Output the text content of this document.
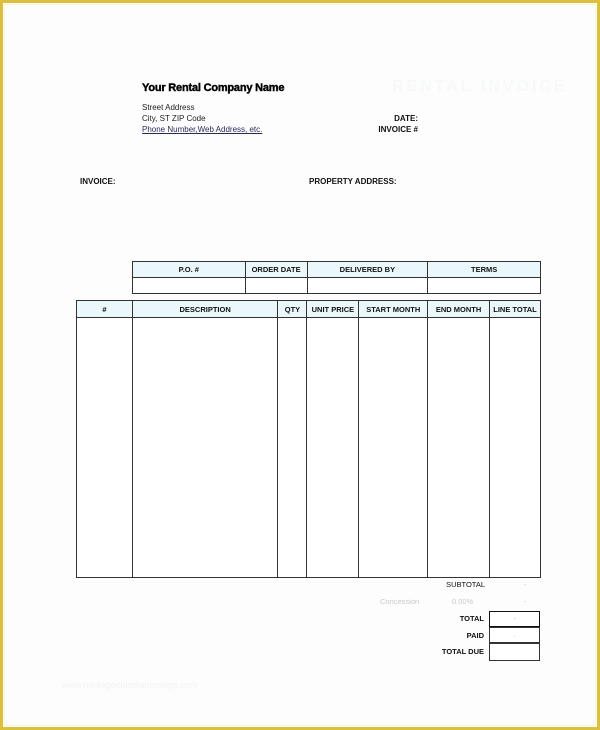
Your Rental Company Name
Street Address
City, ST ZIP Code
Phone Number,Web Address, etc.
RENTAL INVOICE
DATE:
INVOICE #
INVOICE:	PROPERTY ADDRESS:
P.O. #	ORDER DATE	DELIVERED BY	TERMS

#	DESCRIPTION	QTY	UNIT PRICE	START MONTH	END MONTH	LINE TOTAL

SUBTOTAL	-
Concession	0.00%	-
TOTAL	-
PAID	.
TOTAL DUE
www.heritagechristiancollege.com
